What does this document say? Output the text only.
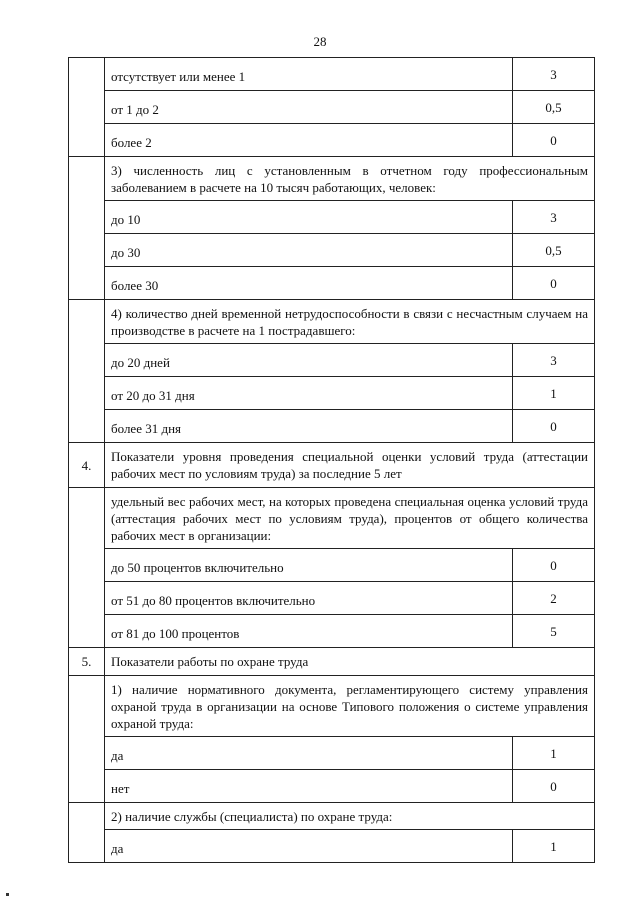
28
	отсутствует или менее 1	3
	от 1 до 2	0,5
	более 2	0
	3) численность лиц с установленным в отчетном году профессиональным заболеванием в расчете на 10 тысяч работающих, человек:	
	до 10	3
	до 30	0,5
	более 30	0
	4) количество дней временной нетрудоспособности в связи с несчастным случаем на производстве в расчете на 1 пострадавшего:	
	до 20 дней	3
	от 20 до 31 дня	1
	более 31 дня	0
4.	Показатели уровня проведения специальной оценки условий труда (аттестации рабочих мест по условиям труда) за последние 5 лет	
	удельный вес рабочих мест, на которых проведена специальная оценка условий труда (аттестация рабочих мест по условиям труда), процентов от общего количества рабочих мест в организации:	
	до 50 процентов включительно	0
	от 51 до 80 процентов включительно	2
	от 81 до 100 процентов	5
5.	Показатели работы по охране труда	
	1) наличие нормативного документа, регламентирующего систему управления охраной труда в организации на основе Типового положения о системе управления охраной труда:	
	да	1
	нет	0
	2) наличие службы (специалиста) по охране труда:	
	да	1
